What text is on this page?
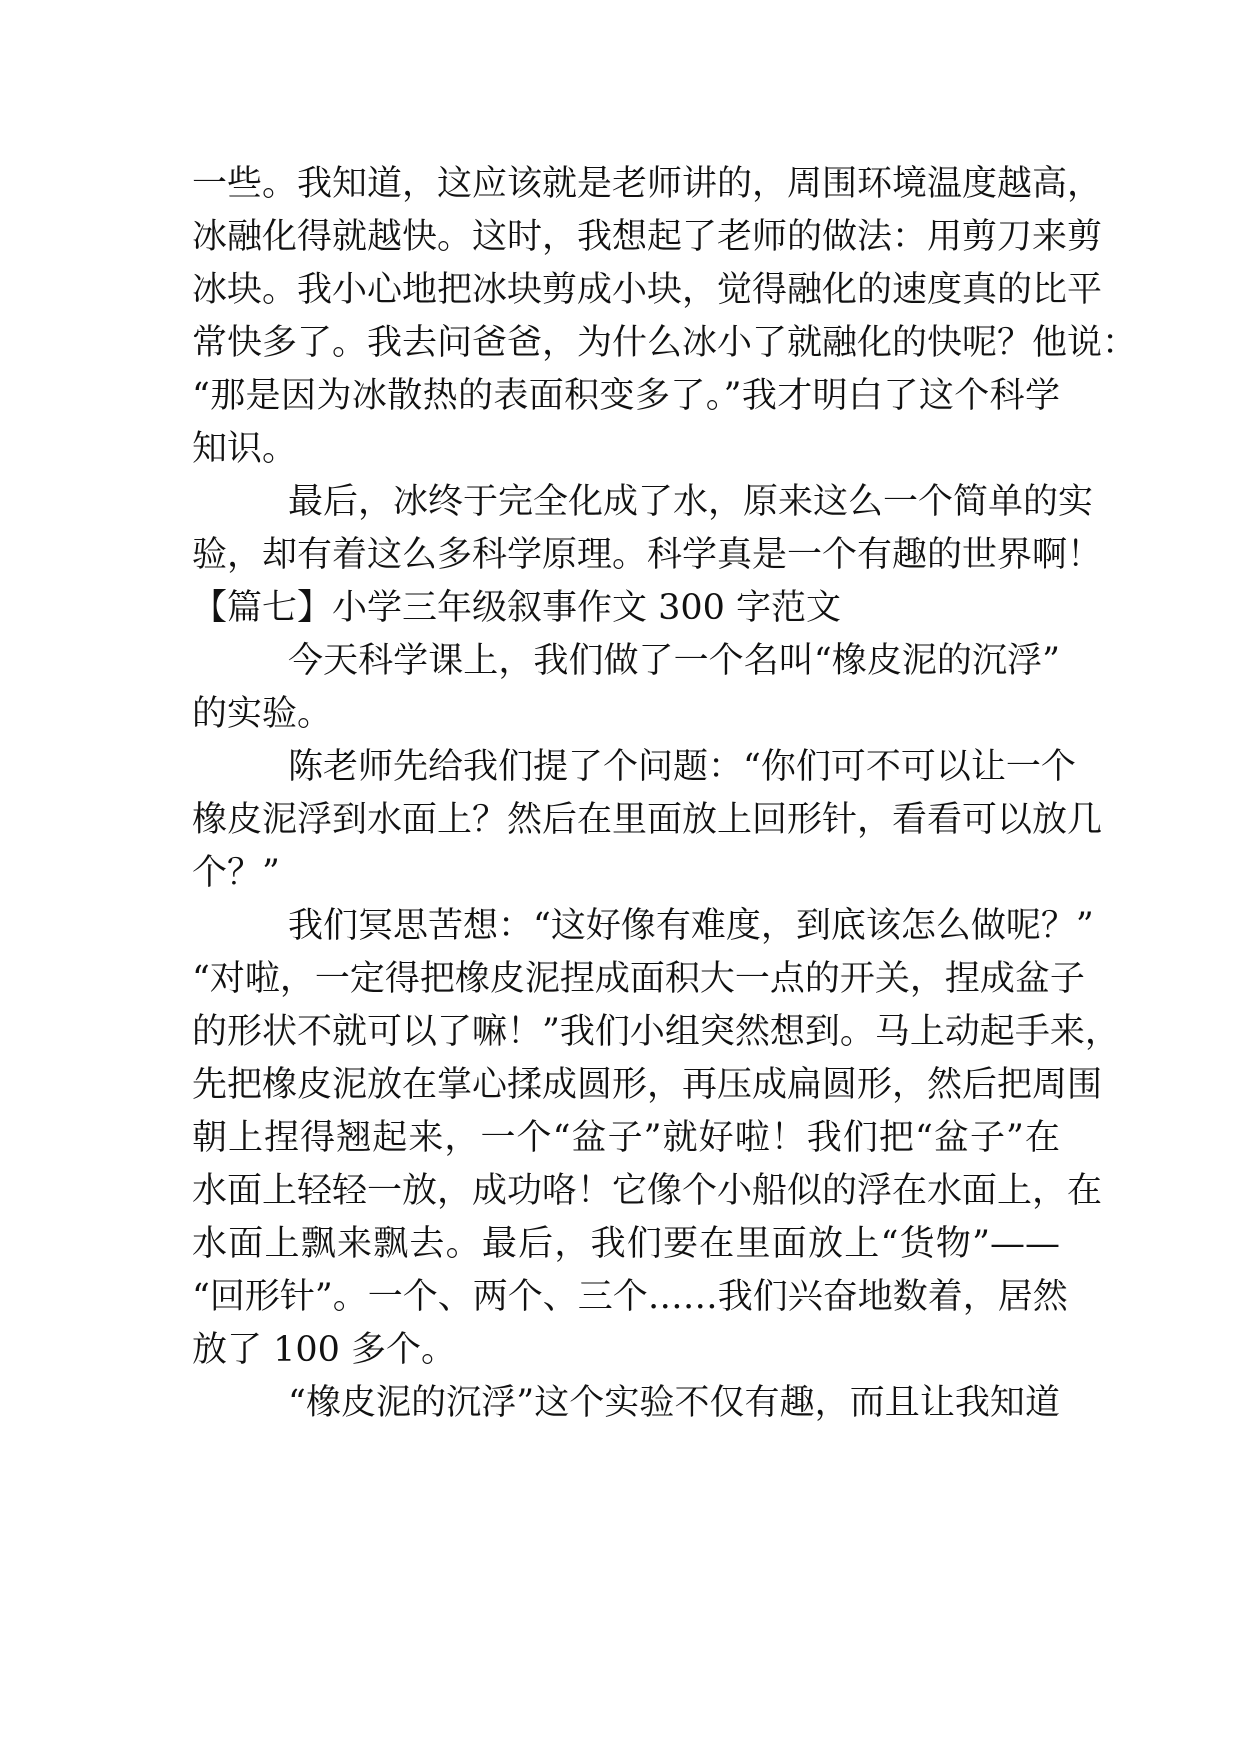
一些。我知道，这应该就是老师讲的，周围环境温度越高，
冰融化得就越快。这时，我想起了老师的做法：用剪刀来剪
冰块。我小心地把冰块剪成小块，觉得融化的速度真的比平
常快多了。我去问爸爸，为什么冰小了就融化的快呢？他说：
“那是因为冰散热的表面积变多了。”我才明白了这个科学
知识。
最后，冰终于完全化成了水，原来这么一个简单的实
验，却有着这么多科学原理。科学真是一个有趣的世界啊！
【篇七】小学三年级叙事作文 300 字范文
今天科学课上，我们做了一个名叫“橡皮泥的沉浮”
的实验。
陈老师先给我们提了个问题：“你们可不可以让一个
橡皮泥浮到水面上？然后在里面放上回形针，看看可以放几
个？”
我们冥思苦想：“这好像有难度，到底该怎么做呢？”
“对啦，一定得把橡皮泥捏成面积大一点的开关，捏成盆子
的形状不就可以了嘛！”我们小组突然想到。马上动起手来，
先把橡皮泥放在掌心揉成圆形，再压成扁圆形，然后把周围
朝上捏得翘起来，一个“盆子”就好啦！我们把“盆子”在
水面上轻轻一放，成功咯！它像个小船似的浮在水面上，在
水面上飘来飘去。最后，我们要在里面放上“货物”——
“回形针”。一个、两个、三个……我们兴奋地数着，居然
放了 100 多个。
“橡皮泥的沉浮”这个实验不仅有趣，而且让我知道
